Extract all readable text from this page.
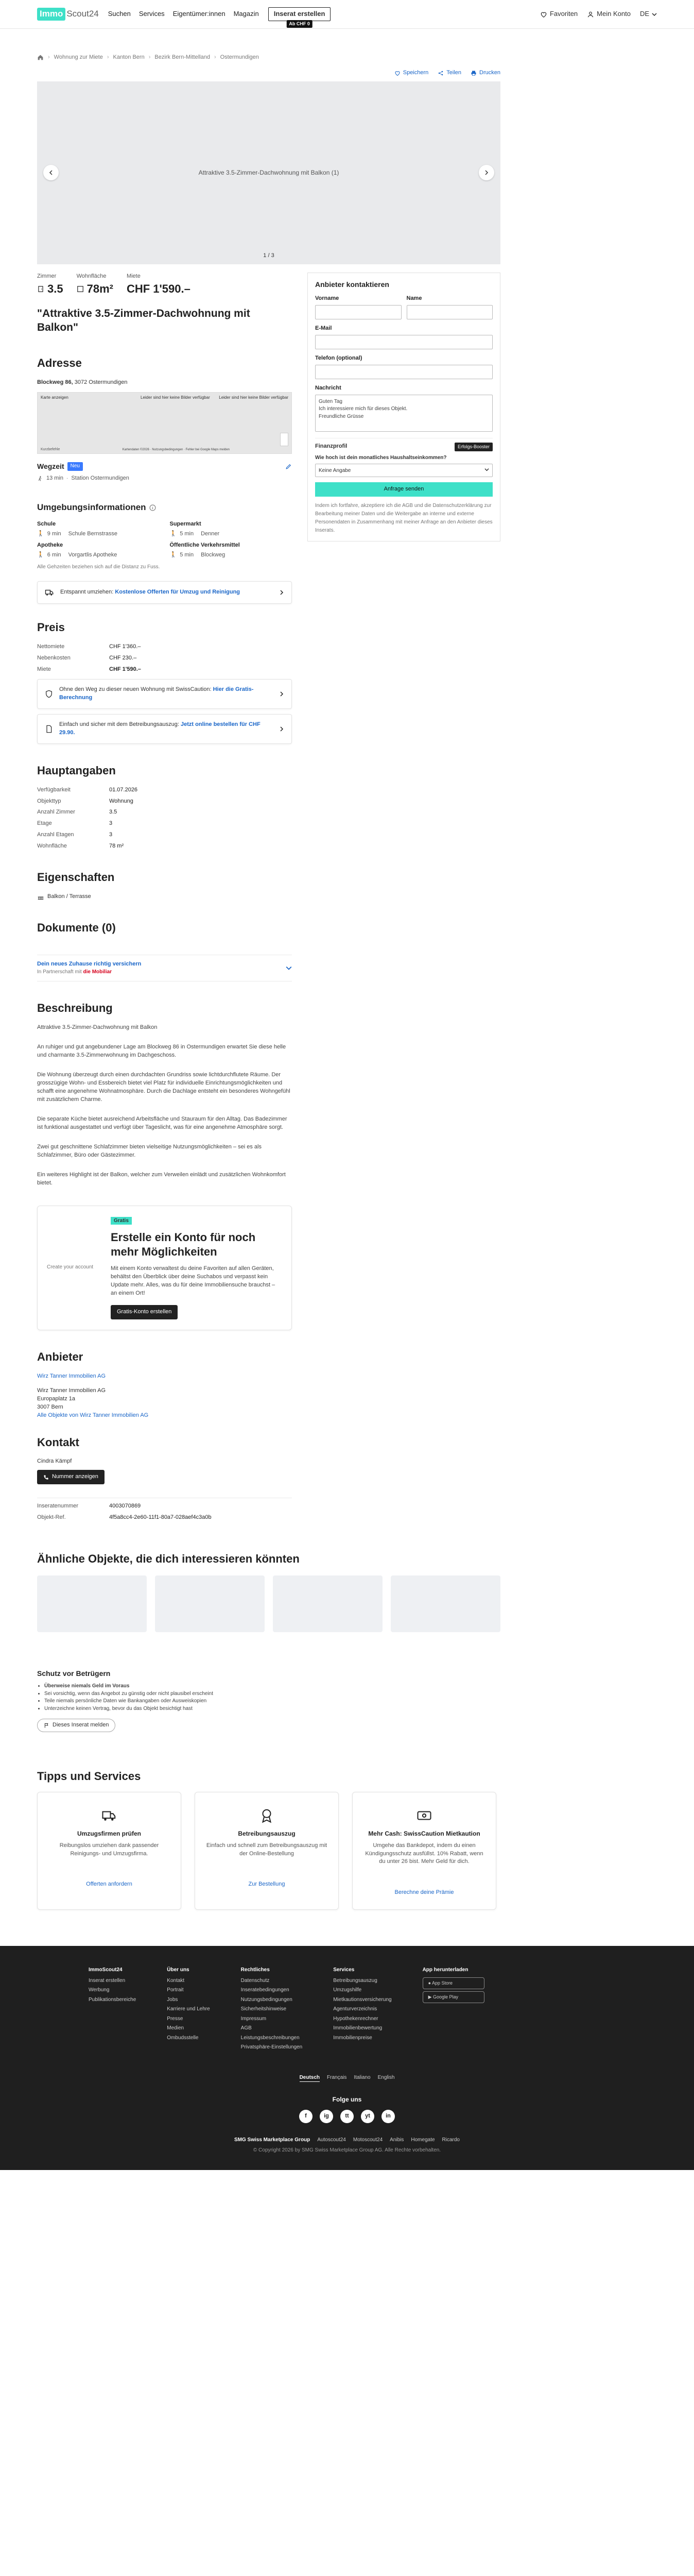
Immo Scout24 Suchen Services Eigentümer:innen Magazin	Inserat erstellen
Ab CHF 0
Favoriten	Mein Konto DE
› Wohnung zur Miete › Kanton Bern › Bezirk Bern-Mittelland › Ostermundigen
Speichern	Teilen	Drucken
Attraktive 3.5-Zimmer-Dachwohnung mit Balkon (1)
1 / 3
Zimmer
3.5
Wohnfläche
78m²
Miete
CHF 1'590.–
"Attraktive 3.5-Zimmer-Dachwohnung mit Balkon"
Adresse
Blockweg 86, 3072 Ostermundigen
Karte anzeigen	Leider sind hier keine Bilder verfügbar Leider sind hier keine Bilder verfügbar
Kurzbefehle	Kartendaten ©2026 · Nutzungsbedingungen · Fehler bei Google Maps melden
Wegzeit	Neu
13 min · Station Ostermundigen
Umgebungsinformationen
Schule
🚶 9 min Schule Bernstrasse
Supermarkt
🚶 5 min Denner
Apotheke
🚶 6 min Vorgartlis Apotheke
Öffentliche Verkehrsmittel
🚶 5 min Blockweg
Alle Gehzeiten beziehen sich auf die Distanz zu Fuss.
Entspannt umziehen: Kostenlose Offerten für Umzug und Reinigung
Preis
Nettomiete	CHF 1'360.–
Nebenkosten	CHF 230.–
Miete	CHF 1'590.–
Ohne den Weg zu dieser neuen Wohnung mit SwissCaution: Hier die Gratis-Berechnung
Einfach und sicher mit dem Betreibungsauszug: Jetzt online bestellen für CHF 29.90.
Hauptangaben
Verfügbarkeit	01.07.2026
Objekttyp	Wohnung
Anzahl Zimmer	3.5
Etage	3
Anzahl Etagen	3
Wohnfläche	78 m²
Eigenschaften
Balkon / Terrasse
Dokumente (0)
Dein neues Zuhause richtig versichern
In Partnerschaft mit die Mobiliar
Beschreibung

Attraktive 3.5-Zimmer-Dachwohnung mit Balkon

An ruhiger und gut angebundener Lage am Blockweg 86 in Ostermundigen erwartet Sie diese helle und charmante 3.5-Zimmerwohnung im Dachgeschoss.

Die Wohnung überzeugt durch einen durchdachten Grundriss sowie lichtdurchflutete Räume. Der grosszügige Wohn- und Essbereich bietet viel Platz für individuelle Einrichtungsmöglichkeiten und schafft eine angenehme Wohnatmosphäre. Durch die Dachlage entsteht ein besonderes Wohngefühl mit zusätzlichem Charme.

Die separate Küche bietet ausreichend Arbeitsfläche und Stauraum für den Alltag. Das Badezimmer ist funktional ausgestattet und verfügt über Tageslicht, was für eine angenehme Atmosphäre sorgt.

Zwei gut geschnittene Schlafzimmer bieten vielseitige Nutzungsmöglichkeiten – sei es als Schlafzimmer, Büro oder Gästezimmer.

Ein weiteres Highlight ist der Balkon, welcher zum Verweilen einlädt und zusätzlichen Wohnkomfort bietet.

Create your account
Gratis
Erstelle ein Konto für noch mehr Möglichkeiten
Mit einem Konto verwaltest du deine Favoriten auf allen Geräten, behältst den Überblick über deine Suchabos und verpasst kein Update mehr. Alles, was du für deine Immobiliensuche brauchst – an einem Ort!
Gratis-Konto erstellen
Anbieter
Wirz Tanner Immobilien AG
Wirz Tanner Immobilien AG
Europaplatz 1a
3007 Bern
Alle Objekte von Wirz Tanner Immobilien AG
Kontakt
Cindra Kämpf
Nummer anzeigen
Inseratenummer	4003070869
Objekt-Ref.	4f5a8cc4-2e60-11f1-80a7-028aef4c3a0b
Anbieter kontaktieren
Vorname	Name
E-Mail
Telefon (optional)
Nachricht
Guten Tag
Ich interessiere mich für dieses Objekt.
Freundliche Grüsse
Finanzprofil	Erfolgs-Booster
Wie hoch ist dein monatliches Haushaltseinkommen?
Keine Angabe
Anfrage senden
Indem ich fortfahre, akzeptiere ich die AGB und die Datenschutzerklärung zur Bearbeitung meiner Daten und die Weitergabe an interne und externe Personendaten in Zusammenhang mit meiner Anfrage an den Anbieter dieses Inserats.
Ähnliche Objekte, die dich interessieren könnten
Schutz vor Betrügern
• Überweise niemals Geld im Voraus
• Sei vorsichtig, wenn das Angebot zu günstig oder nicht plausibel erscheint
• Teile niemals persönliche Daten wie Bankangaben oder Ausweiskopien
• Unterzeichne keinen Vertrag, bevor du das Objekt besichtigt hast
Dieses Inserat melden
Tipps und Services
Umzugsfirmen prüfen
Reibungslos umziehen dank passender Reinigungs- und Umzugsfirma.
Offerten anfordern
Betreibungsauszug
Einfach und schnell zum Betreibungsauszug mit der Online-Bestellung
Zur Bestellung
Mehr Cash: SwissCaution Mietkaution
Umgehe das Bankdepot, indem du einen Kündigungsschutz ausfüllst. 10% Rabatt, wenn du unter 26 bist. Mehr Geld für dich.
Berechne deine Prämie
ImmoScout24
Inserat erstellen
Werbung
Publikationsbereiche
Über uns
Kontakt
Portrait
Jobs
Karriere und Lehre
Presse
Medien
Ombudsstelle
Rechtliches
Datenschutz
Inseratebedingungen
Nutzungsbedingungen
Sicherheitshinweise
Impressum
AGB
Leistungsbeschreibungen
Privatsphäre-Einstellungen
Services
Betreibungsauszug
Umzugshilfe
Mietkautionsversicherung
Agenturverzeichnis
Hypothekenrechner
Immobilienbewertung
Immobilienpreise
App herunterladen
● App Store
▶ Google Play
Deutsch Français Italiano English
Folge uns
f	ig	tt	yt	in
SMG Swiss Marketplace Group Autoscout24 Motoscout24 Anibis Homegate Ricardo
© Copyright 2026 by SMG Swiss Marketplace Group AG. Alle Rechte vorbehalten.
